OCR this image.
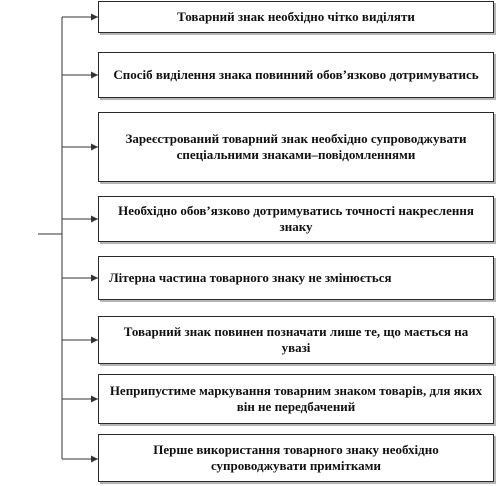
Товарний знак необхідно чітко виділяти
Спосіб виділення знака повинний обов’язково дотримуватись
Зареєстрований товарний знак необхідно супроводжувати спеціальними знаками–повідомленнями
Необхідно обов’язково дотримуватись точності накреслення знаку
Літерна частина товарного знаку не змінюється
Товарний знак повинен позначати лише те, що мається на увазі
Неприпустиме маркування товарним знаком товарів, для яких він не передбачений
Перше використання товарного знаку необхідно супроводжувати примітками
